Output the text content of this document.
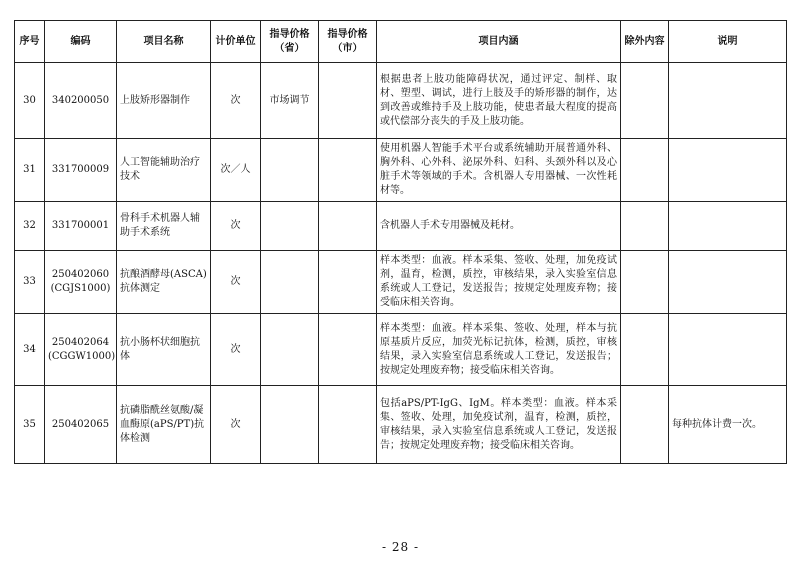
序号	编码	项目名称	计价单位	指导价格（省）	指导价格（市）	项目内涵	除外内容	说明
30	340200050	上肢矫形器制作	次	市场调节		根据患者上肢功能障碍状况，通过评定、制样、取材、塑型、调试，进行上肢及手的矫形器的制作，达到改善或维持手及上肢功能，使患者最大程度的提高或代偿部分丧失的手及上肢功能。		
31	331700009	人工智能辅助治疗技术	次／人			使用机器人智能手术平台或系统辅助开展普通外科、胸外科、心外科、泌尿外科、妇科、头颈外科以及心脏手术等领域的手术。含机器人专用器械、一次性耗材等。		
32	331700001	骨科手术机器人辅助手术系统	次			含机器人手术专用器械及耗材。		
33	250402060 (CGJS1000)	抗酿酒酵母(ASCA)抗体测定	次			样本类型：血液。样本采集、签收、处理，加免疫试剂，温育，检测，质控，审核结果，录入实验室信息系统或人工登记，发送报告；按规定处理废弃物；接受临床相关咨询。		
34	250402064 (CGGW1000)	抗小肠杯状细胞抗体	次			样本类型：血液。样本采集、签收、处理，样本与抗原基质片反应，加荧光标记抗体，检测，质控，审核结果，录入实验室信息系统或人工登记，发送报告；按规定处理废弃物；接受临床相关咨询。		
35	250402065	抗磷脂酰丝氨酸/凝血酶原(aPS/PT)抗体检测	次			包括aPS/PT-IgG、IgM。样本类型：血液。样本采集、签收、处理，加免疫试剂，温育，检测，质控，审核结果，录入实验室信息系统或人工登记，发送报告；按规定处理废弃物；接受临床相关咨询。		每种抗体计费一次。
- 28 -
